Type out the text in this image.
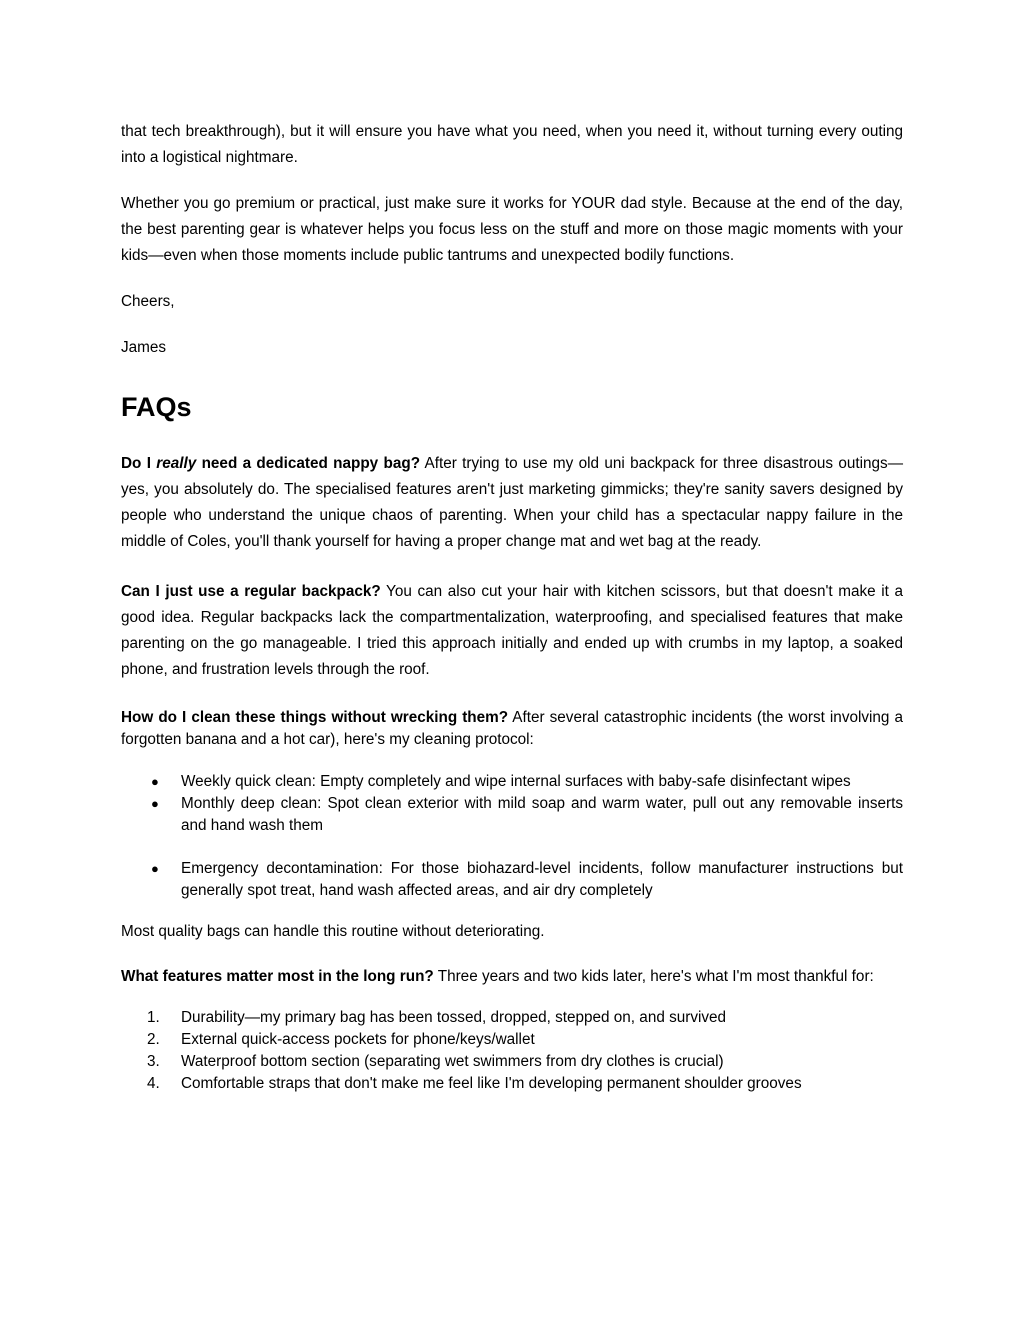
that tech breakthrough), but it will ensure you have what you need, when you need it, without turning every outing into a logistical nightmare.

Whether you go premium or practical, just make sure it works for YOUR dad style. Because at the end of the day, the best parenting gear is whatever helps you focus less on the stuff and more on those magic moments with your kids—even when those moments include public tantrums and unexpected bodily functions.

Cheers,

James

FAQs

Do I really need a dedicated nappy bag? After trying to use my old uni backpack for three disastrous outings—yes, you absolutely do. The specialised features aren't just marketing gimmicks; they're sanity savers designed by people who understand the unique chaos of parenting. When your child has a spectacular nappy failure in the middle of Coles, you'll thank yourself for having a proper change mat and wet bag at the ready.

Can I just use a regular backpack? You can also cut your hair with kitchen scissors, but that doesn't make it a good idea. Regular backpacks lack the compartmentalization, waterproofing, and specialised features that make parenting on the go manageable. I tried this approach initially and ended up with crumbs in my laptop, a soaked phone, and frustration levels through the roof.

How do I clean these things without wrecking them? After several catastrophic incidents (the worst involving a forgotten banana and a hot car), here's my cleaning protocol:

● Weekly quick clean: Empty completely and wipe internal surfaces with baby-safe disinfectant wipes
● Monthly deep clean: Spot clean exterior with mild soap and warm water, pull out any removable inserts and hand wash them
● Emergency decontamination: For those biohazard-level incidents, follow manufacturer instructions but generally spot treat, hand wash affected areas, and air dry completely

Most quality bags can handle this routine without deteriorating.

What features matter most in the long run? Three years and two kids later, here's what I'm most thankful for:

1.	Durability—my primary bag has been tossed, dropped, stepped on, and survived
2.	External quick-access pockets for phone/keys/wallet
3.	Waterproof bottom section (separating wet swimmers from dry clothes is crucial)
4.	Comfortable straps that don't make me feel like I'm developing permanent shoulder grooves
